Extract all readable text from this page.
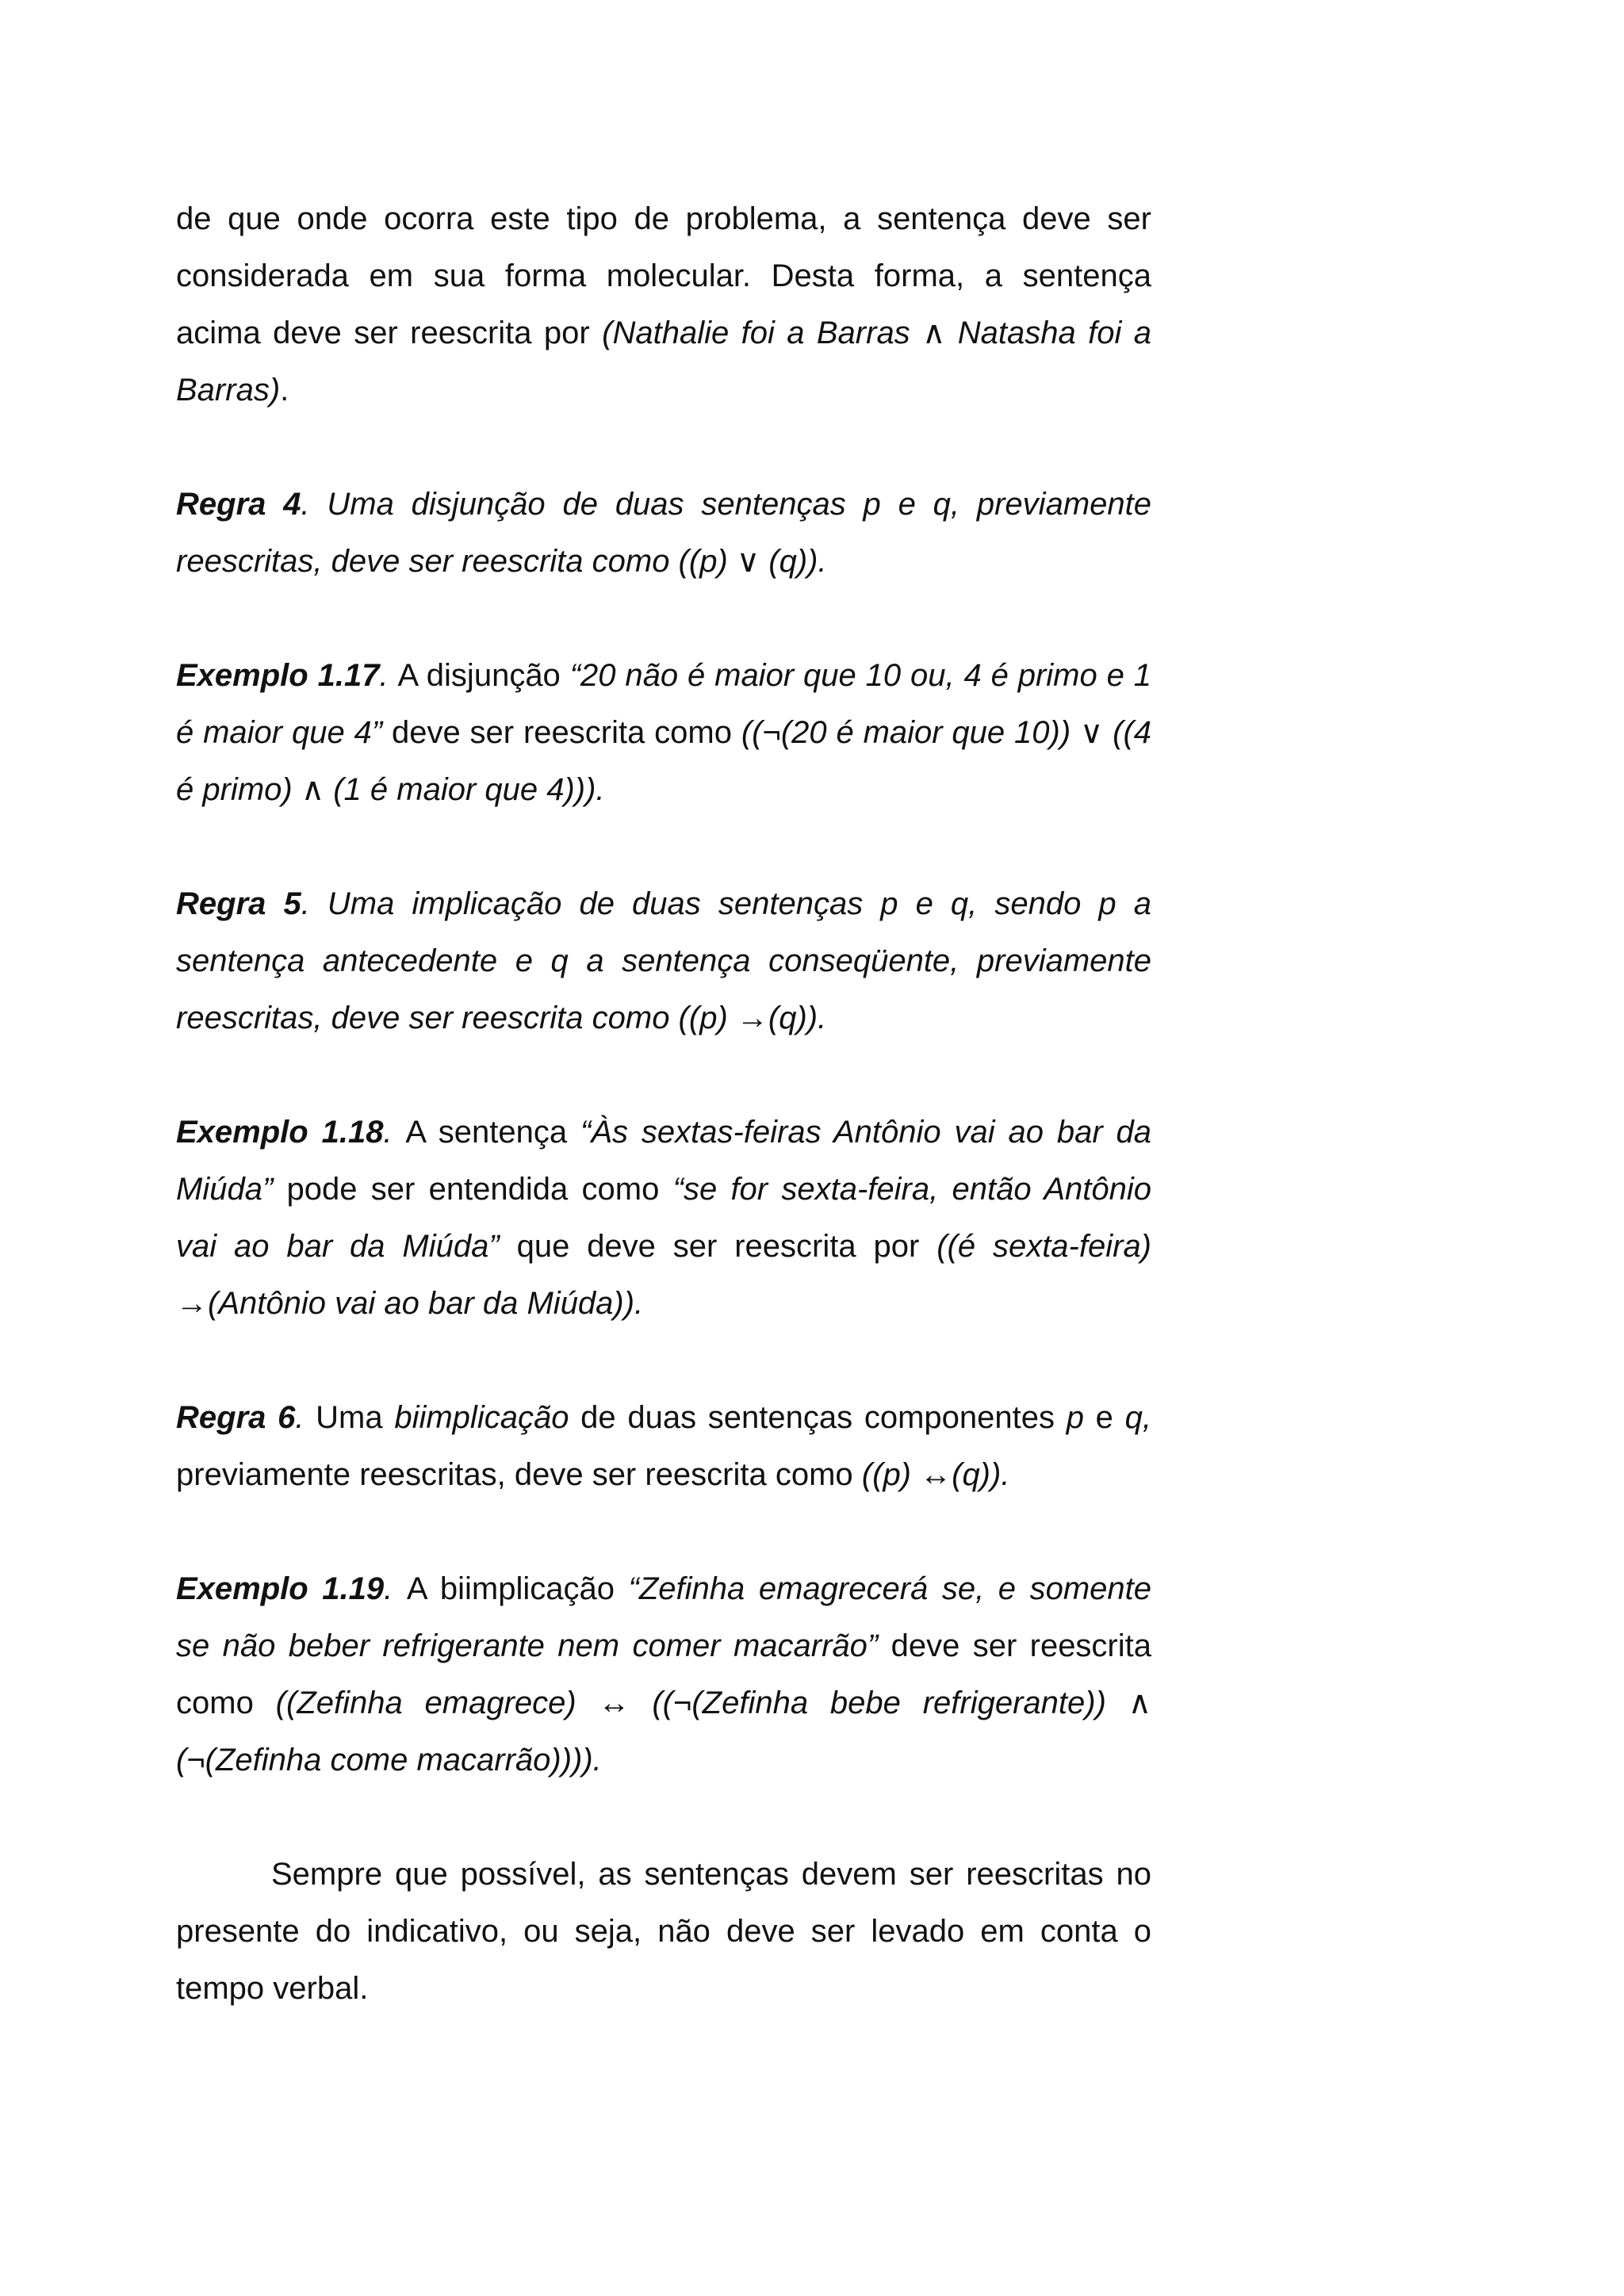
de que onde ocorra este tipo de problema, a sentença deve ser considerada em sua forma molecular. Desta forma, a sentença acima deve ser reescrita por (Nathalie foi a Barras ∧ Natasha foi a Barras).

Regra 4. Uma disjunção de duas sentenças p e q, previamente reescritas, deve ser reescrita como ((p) ∨ (q)).

Exemplo 1.17. A disjunção “20 não é maior que 10 ou, 4 é primo e 1 é maior que 4” deve ser reescrita como ((¬(20 é maior que 10)) ∨ ((4 é primo) ∧ (1 é maior que 4))).

Regra 5. Uma implicação de duas sentenças p e q, sendo p a sentença antecedente e q a sentença conseqüente, previamente reescritas, deve ser reescrita como ((p) →(q)).

Exemplo 1.18. A sentença “Às sextas-feiras Antônio vai ao bar da Miúda” pode ser entendida como “se for sexta-feira, então Antônio vai ao bar da Miúda” que deve ser reescrita por ((é sexta-feira) →(Antônio vai ao bar da Miúda)).

Regra 6. Uma biimplicação de duas sentenças componentes p e q, previamente reescritas, deve ser reescrita como ((p) ↔(q)).

Exemplo 1.19. A biimplicação “Zefinha emagrecerá se, e somente se não beber refrigerante nem comer macarrão” deve ser reescrita como ((Zefinha emagrece) ↔ ((¬(Zefinha bebe refrigerante)) ∧ (¬(Zefinha come macarrão)))).

Sempre que possível, as sentenças devem ser reescritas no presente do indicativo, ou seja, não deve ser levado em conta o tempo verbal.
